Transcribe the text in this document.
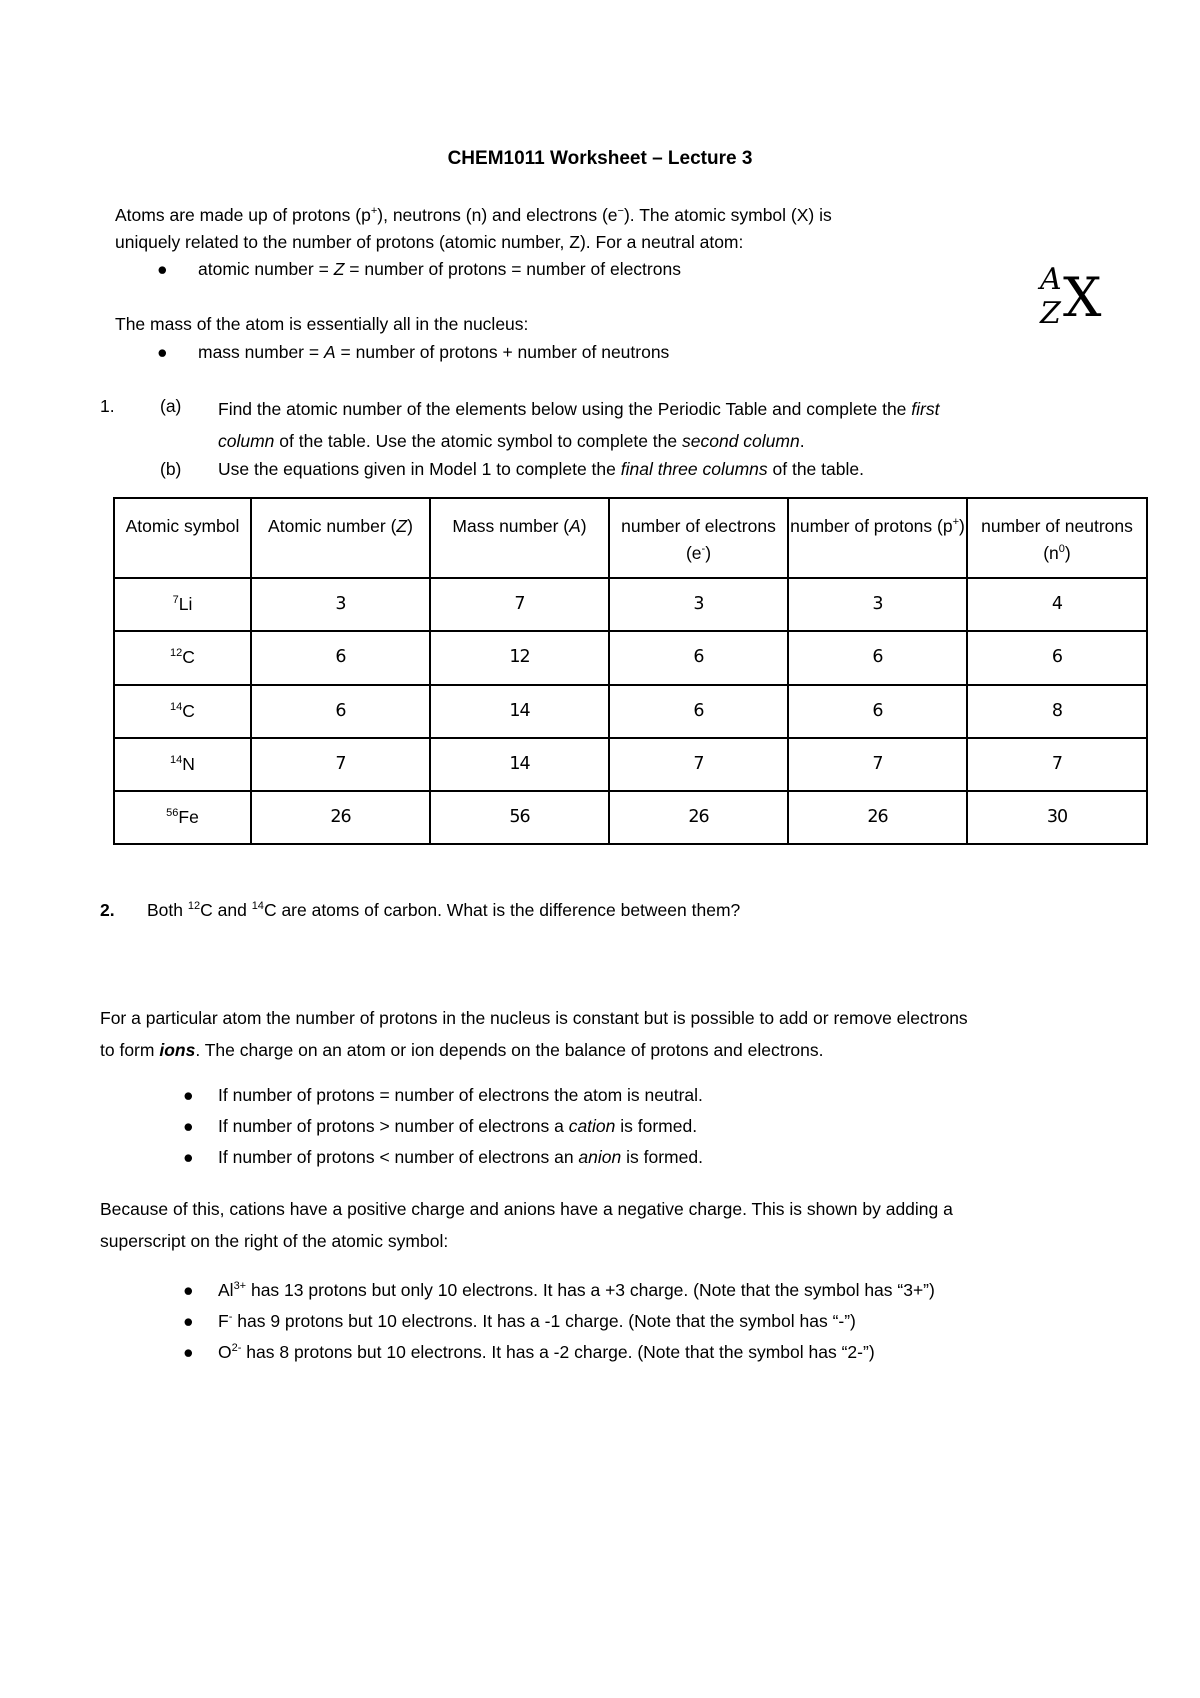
CHEM1011 Worksheet – Lecture 3
Atoms are made up of protons (p+), neutrons (n) and electrons (e−). The atomic symbol (X) is
uniquely related to the number of protons (atomic number, Z). For a neutral atom:
● atomic number = Z = number of protons = number of electrons
The mass of the atom is essentially all in the nucleus:
● mass number = A = number of protons + number of neutrons
A
Z X
1.	(a) Find the atomic number of the elements below using the Periodic Table and complete the first
column of the table. Use the atomic symbol to complete the second column.
(b) Use the equations given in Model 1 to complete the final three columns of the table.
Atomic symbol	Atomic number (Z)	Mass number (A)	number of electrons (e-)	number of protons (p+)	number of neutrons $(n^0)$
$^7$Li	3	7	3	3	4
$^{12}$C	6	12	6	6	6
$^{14}$C	6	14	6	6	8
$^{14}$N	7	14	7	7	7
$^{56}$Fe	26	56	26	26	30
2. Both $^{12}$C and $^{14}$C are atoms of carbon. What is the difference between them?
For a particular atom the number of protons in the nucleus is constant but is possible to add or remove electrons
to form ions. The charge on an atom or ion depends on the balance of protons and electrons.
● If number of protons = number of electrons the atom is neutral.
● If number of protons > number of electrons a cation is formed.
● If number of protons < number of electrons an anion is formed.
Because of this, cations have a positive charge and anions have a negative charge. This is shown by adding a
superscript on the right of the atomic symbol:
● $Al^{3+}$ has 13 protons but only 10 electrons. It has a +3 charge. (Note that the symbol has “3+”)
● F- has 9 protons but 10 electrons. It has a -1 charge. (Note that the symbol has “-”)
● $O^{2-}$ has 8 protons but 10 electrons. It has a -2 charge. (Note that the symbol has “2-”)
